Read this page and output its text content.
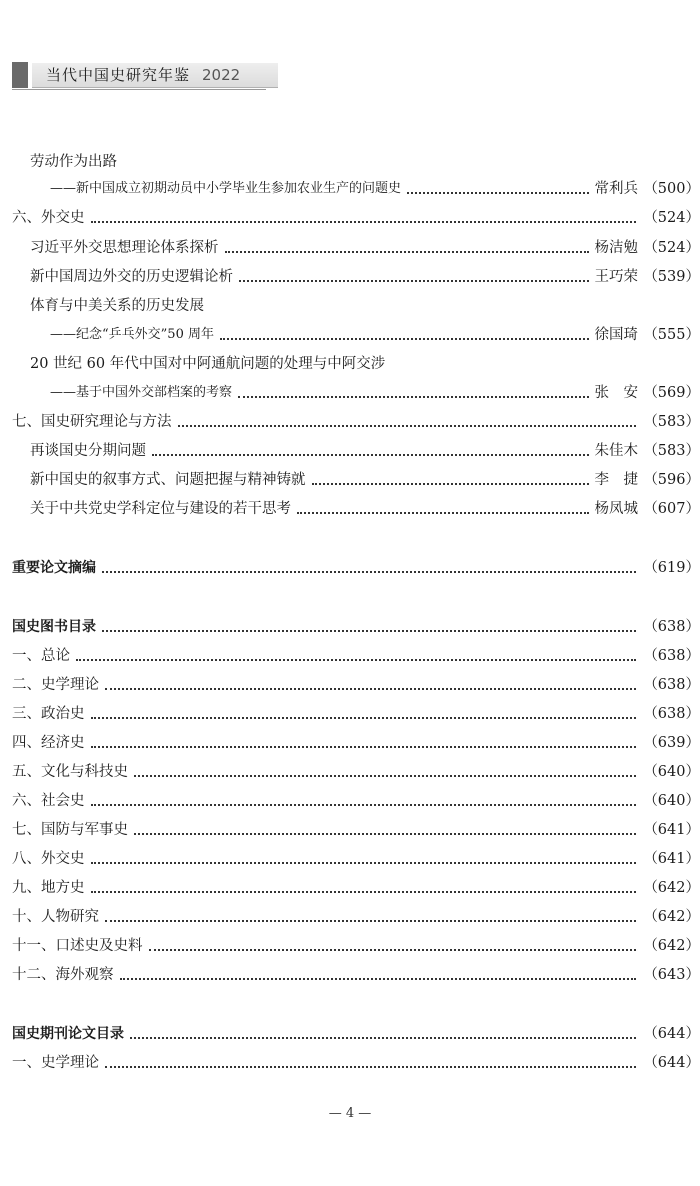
当代中国史研究年鉴 2022
劳动作为出路
——新中国成立初期动员中小学毕业生参加农业生产的问题史	常利兵 （500）
六、外交史	（524）
习近平外交思想理论体系探析	杨洁勉 （524）
新中国周边外交的历史逻辑论析	王巧荣 （539）
体育与中美关系的历史发展
——纪念“乒乓外交”50 周年	徐国琦 （555）
20 世纪 60 年代中国对中阿通航问题的处理与中阿交涉
——基于中国外交部档案的考察	张　安 （569）
七、国史研究理论与方法	（583）
再谈国史分期问题	朱佳木 （583）
新中国史的叙事方式、问题把握与精神铸就	李　捷 （596）
关于中共党史学科定位与建设的若干思考	杨凤城 （607）
重要论文摘编	（619）
国史图书目录	（638）
一、总论	（638）
二、史学理论	（638）
三、政治史	（638）
四、经济史	（639）
五、文化与科技史	（640）
六、社会史	（640）
七、国防与军事史	（641）
八、外交史	（641）
九、地方史	（642）
十、人物研究	（642）
十一、口述史及史料	（642）
十二、海外观察	（643）
国史期刊论文目录	（644）
一、史学理论	（644）
— 4 —
